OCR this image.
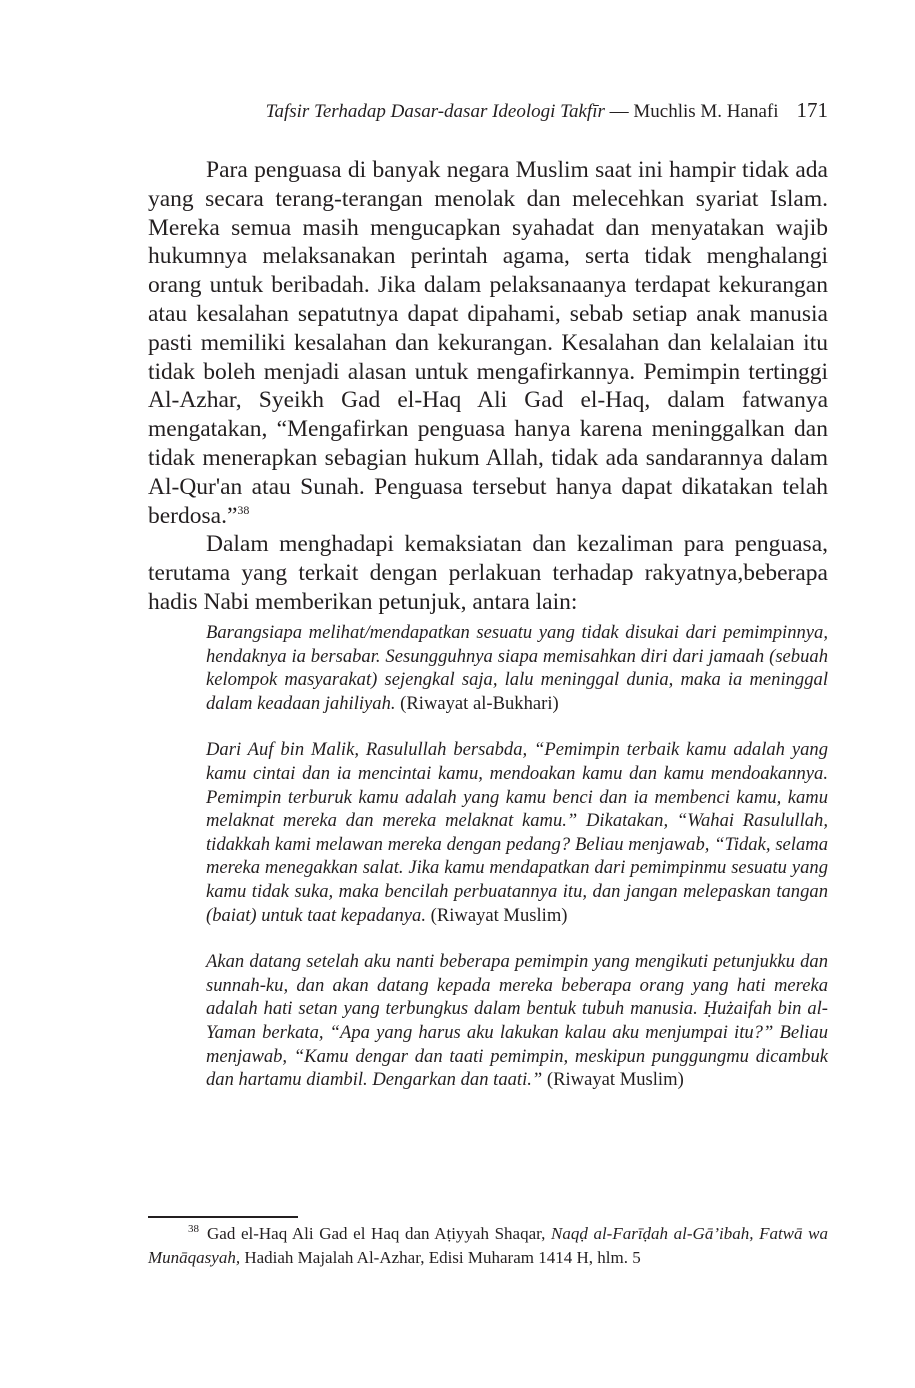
Tafsir Terhadap Dasar-dasar Ideologi Takfīr — Muchlis M. Hanafi 171

Para penguasa di banyak negara Muslim saat ini hampir tidak ada yang secara terang-terangan menolak dan melecehkan syariat Islam. Mereka semua masih mengucapkan syahadat dan menyatakan wajib hukumnya melaksanakan perintah agama, serta tidak menghalangi orang untuk beribadah. Jika dalam pelaksanaanya terdapat kekurangan atau kesalahan sepatutnya dapat dipahami, sebab setiap anak manusia pasti memiliki kesalahan dan kekurangan. Kesalahan dan kelalaian itu tidak boleh menjadi alasan untuk mengafirkannya. Pemimpin tertinggi Al-Azhar, Syeikh Gad el-Haq Ali Gad el-Haq, dalam fatwanya mengatakan, “Mengafirkan penguasa hanya karena meninggalkan dan tidak menerapkan sebagian hukum Allah, tidak ada sandarannya dalam Al-Qur'an atau Sunah. Penguasa tersebut hanya dapat dikatakan telah berdosa.”$^{38}$

Dalam menghadapi kemaksiatan dan kezaliman para penguasa, terutama yang terkait dengan perlakuan terhadap rakyatnya,beberapa hadis Nabi memberikan petunjuk, antara lain:

Barangsiapa melihat/mendapatkan sesuatu yang tidak disukai dari pemimpinnya, hendaknya ia bersabar. Sesungguhnya siapa memisahkan diri dari jamaah (sebuah kelompok masyarakat) sejengkal saja, lalu meninggal dunia, maka ia meninggal dalam keadaan jahiliyah. (Riwayat al-Bukhari)

Dari Auf bin Malik, Rasulullah bersabda, “Pemimpin terbaik kamu adalah yang kamu cintai dan ia mencintai kamu, mendoakan kamu dan kamu mendoakannya. Pemimpin terburuk kamu adalah yang kamu benci dan ia membenci kamu, kamu melaknat mereka dan mereka melaknat kamu.” Dikatakan, “Wahai Rasulullah, tidakkah kami melawan mereka dengan pedang? Beliau menjawab, “Tidak, selama mereka menegakkan salat. Jika kamu mendapatkan dari pemimpinmu sesuatu yang kamu tidak suka, maka bencilah perbuatannya itu, dan jangan melepaskan tangan (baiat) untuk taat kepadanya. (Riwayat Muslim)

Akan datang setelah aku nanti beberapa pemimpin yang mengikuti petunjukku dan sunnah-ku, dan akan datang kepada mereka beberapa orang yang hati mereka adalah hati setan yang terbungkus dalam bentuk tubuh manusia. Ḥużaifah bin al-Yaman berkata, “Apa yang harus aku lakukan kalau aku menjumpai itu?” Beliau menjawab, “Kamu dengar dan taati pemimpin, meskipun punggungmu dicambuk dan hartamu diambil. Dengarkan dan taati.” (Riwayat Muslim)

$^{38}$ Gad el-Haq Ali Gad el Haq dan Aṭiyyah Shaqar, Naqḍ al-Farīḍah al-Gā’ibah, Fatwā wa Munāqasyah, Hadiah Majalah Al-Azhar, Edisi Muharam 1414 H, hlm. 5
